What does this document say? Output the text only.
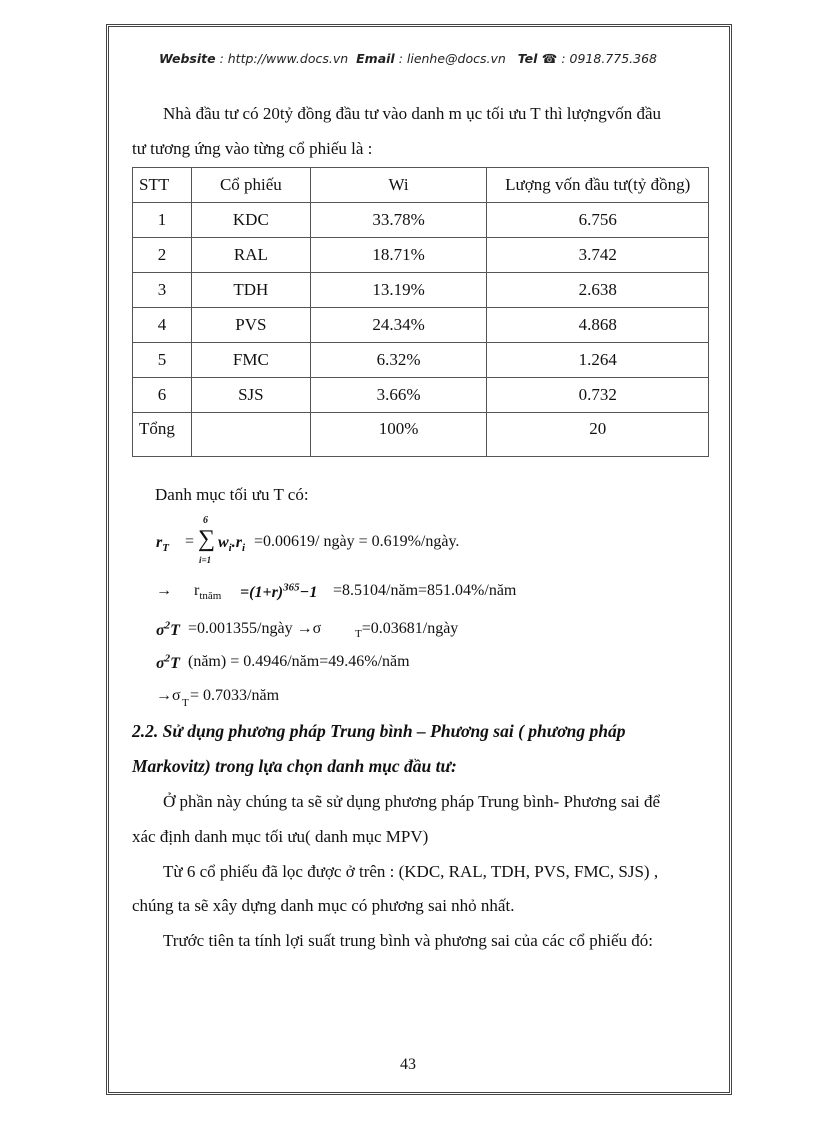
Website : http://www.docs.vn Email : lienhe@docs.vn Tel ☎ : 0918.775.368
Nhà đầu tư có 20tỷ đồng đầu tư vào danh m ục tối ưu T thì lượngvốn đầu
tư tương ứng vào từng cổ phiếu là :
STT	Cổ phiếu	Wi	Lượng vốn đầu tư(tỷ đồng)
1	KDC	33.78%	6.756
2	RAL	18.71%	3.742
3	TDH	13.19%	2.638
4	PVS	24.34%	4.868
5	FMC	6.32%	1.264
6	SJS	3.66%	0.732
Tổng		100%	20
Danh mục tối ưu T có:
$r_T$ = ∑
6
i=1
$w_i.r_i =0.00619/$ ngày = 0.619%/ngày.
→ $r_{tnăm} =(1+r)^{365}-1$ =8.5104/năm=851.04%/năm
$\sigma^2T$ =0.001355/ngày →σ	$_T$=0.03681/ngày
$\sigma^2T$ (năm) = 0.4946/năm=49.46%/năm
→σ $_T$ = 0.7033/năm
2.2. Sử dụng phương pháp Trung bình – Phương sai ( phương pháp
Markovitz) trong lựa chọn danh mục đầu tư:
Ở phần này chúng ta sẽ sử dụng phương pháp Trung bình- Phương sai để
xác định danh mục tối ưu( danh mục MPV)
Từ 6 cổ phiếu đã lọc được ở trên : (KDC, RAL, TDH, PVS, FMC, SJS) ,
chúng ta sẽ xây dựng danh mục có phương sai nhỏ nhất.
Trước tiên ta tính lợi suất trung bình và phương sai của các cổ phiếu đó:
43
